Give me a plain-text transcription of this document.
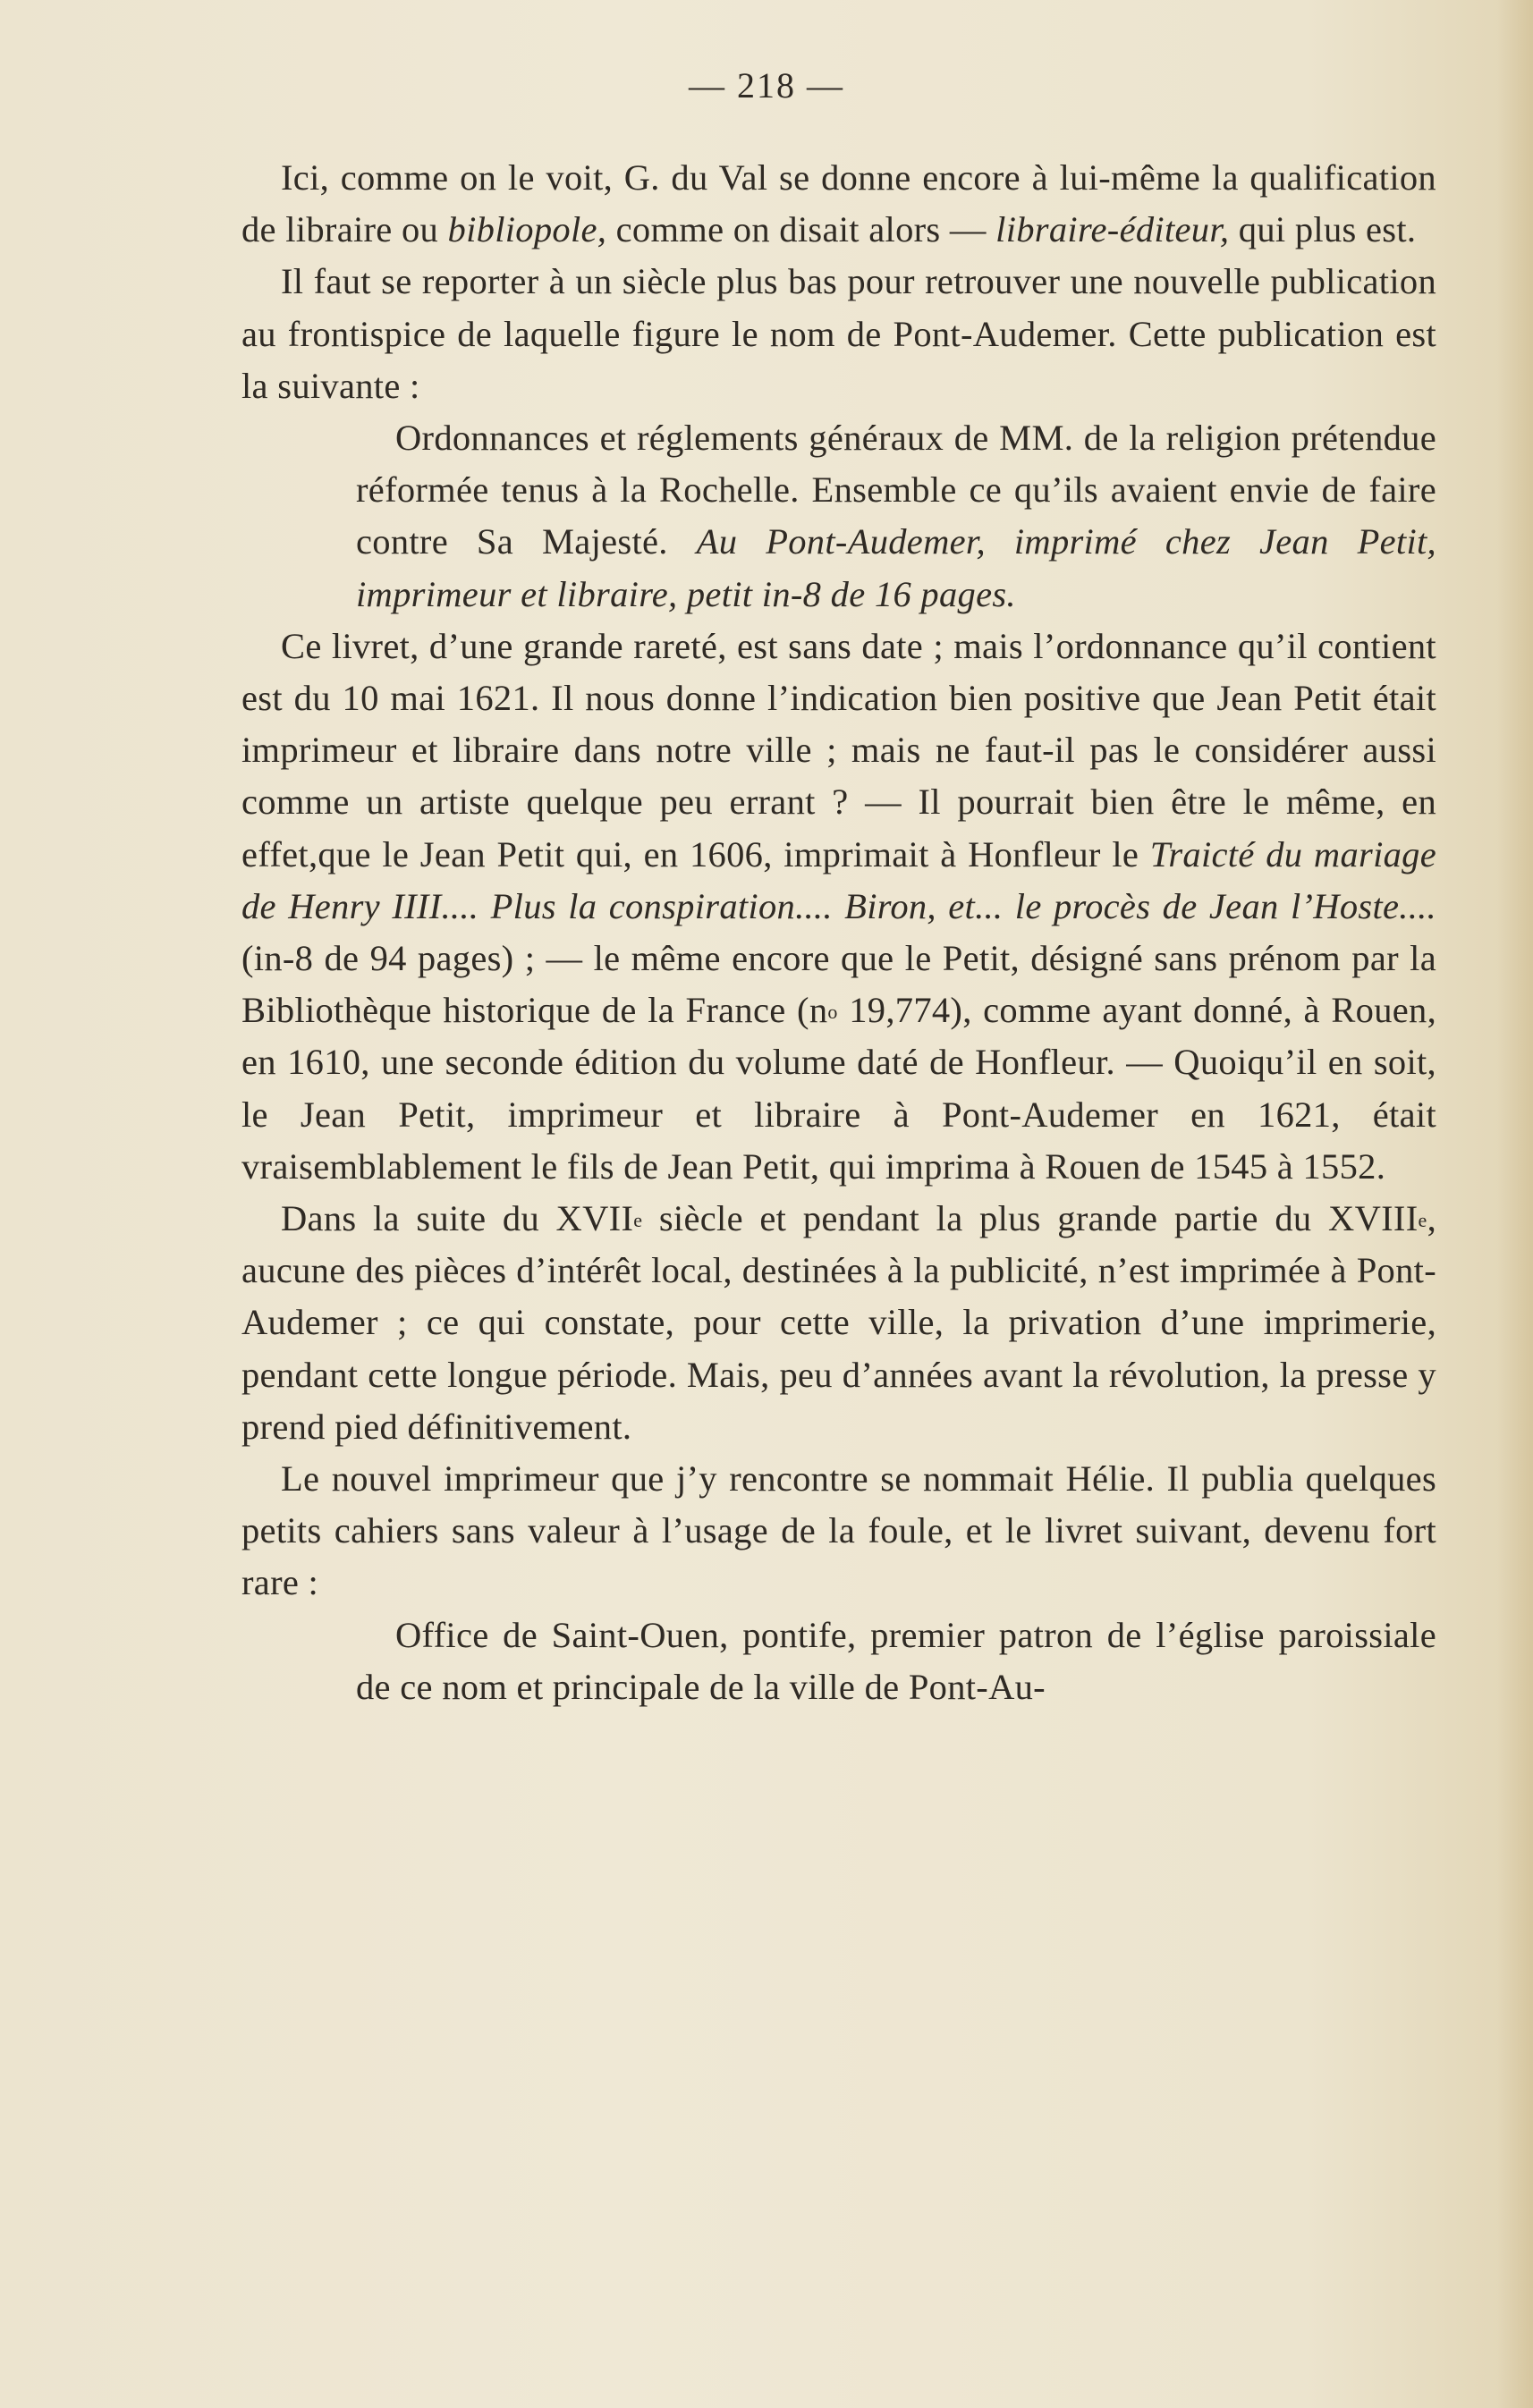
— 218 —

Ici, comme on le voit, G. du Val se donne encore à lui-même la qualification de libraire ou bibliopole, comme on disait alors — libraire-éditeur, qui plus est.

Il faut se reporter à un siècle plus bas pour retrouver une nouvelle publication au frontispice de laquelle figure le nom de Pont-Audemer. Cette publication est la suivante :

Ordonnances et réglements généraux de MM. de la religion prétendue réformée tenus à la Rochelle. Ensemble ce qu’ils avaient envie de faire contre Sa Majesté. Au Pont-Audemer, imprimé chez Jean Petit, imprimeur et libraire, petit in-8 de 16 pages.

Ce livret, d’une grande rareté, est sans date ; mais l’ordonnance qu’il contient est du 10 mai 1621. Il nous donne l’indication bien positive que Jean Petit était imprimeur et libraire dans notre ville ; mais ne faut-il pas le considérer aussi comme un artiste quelque peu errant ? — Il pourrait bien être le même, en effet,que le Jean Petit qui, en 1606, imprimait à Honfleur le Traicté du mariage de Henry IIII.... Plus la conspiration.... Biron, et... le procès de Jean l’Hoste.... (in-8 de 94 pages) ; — le même encore que le Petit, désigné sans prénom par la Bibliothèque historique de la France ($n^o$ 19,774), comme ayant donné, à Rouen, en 1610, une seconde édition du volume daté de Honfleur. — Quoiqu’il en soit, le Jean Petit, imprimeur et libraire à Pont-Audemer en 1621, était vraisemblablement le fils de Jean Petit, qui imprima à Rouen de 1545 à 1552.

Dans la suite du XVIIe siècle et pendant la plus grande partie du XVIIIe, aucune des pièces d’intérêt local, destinées à la publicité, n’est imprimée à Pont-Audemer ; ce qui constate, pour cette ville, la privation d’une imprimerie, pendant cette longue période. Mais, peu d’années avant la révolution, la presse y prend pied définitivement.

Le nouvel imprimeur que j’y rencontre se nommait Hélie. Il publia quelques petits cahiers sans valeur à l’usage de la foule, et le livret suivant, devenu fort rare :

Office de Saint-Ouen, pontife, premier patron de l’église paroissiale de ce nom et principale de la ville de Pont-Au-
